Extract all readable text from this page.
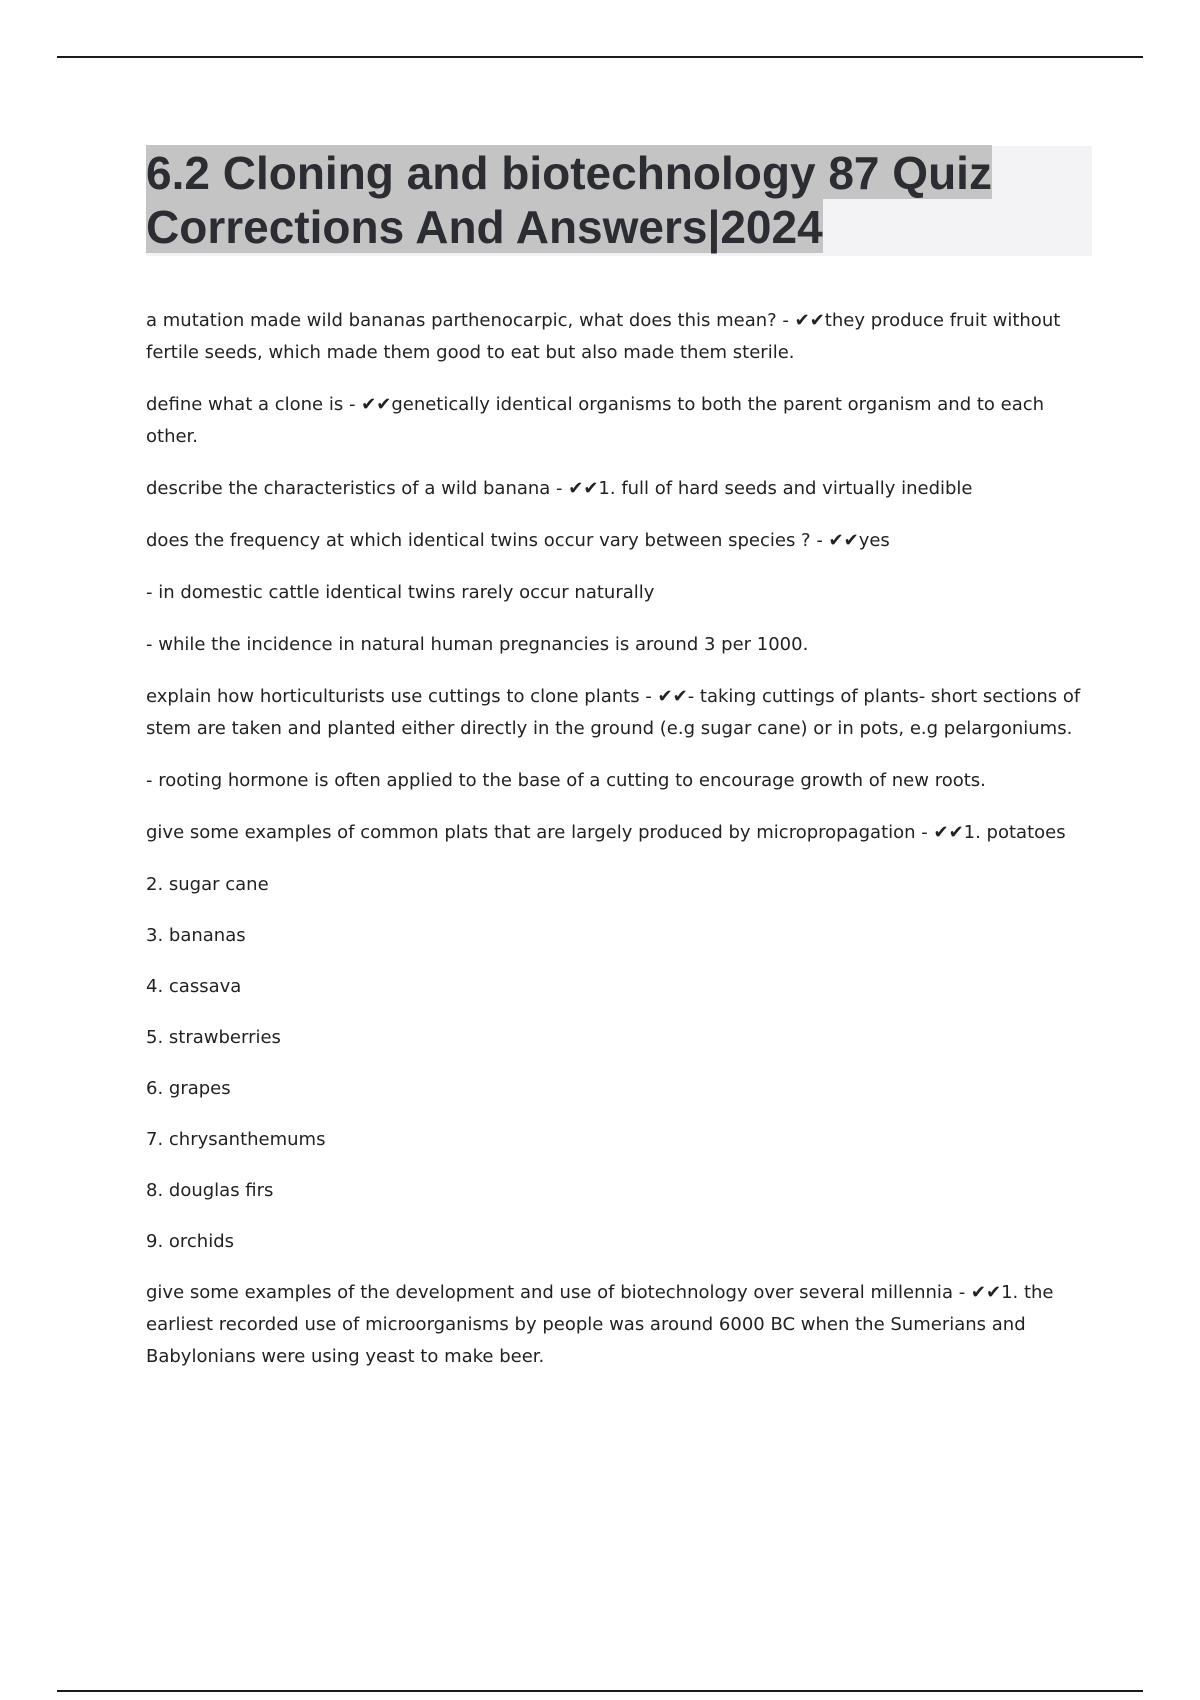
6.2 Cloning and biotechnology 87 Quiz
Corrections And Answers|2024

a mutation made wild bananas parthenocarpic, what does this mean? - ✔✔they produce fruit without fertile seeds, which made them good to eat but also made them sterile.

define what a clone is - ✔✔genetically identical organisms to both the parent organism and to each other.

describe the characteristics of a wild banana - ✔✔1. full of hard seeds and virtually inedible

does the frequency at which identical twins occur vary between species ? - ✔✔yes

- in domestic cattle identical twins rarely occur naturally

- while the incidence in natural human pregnancies is around 3 per 1000.

explain how horticulturists use cuttings to clone plants - ✔✔- taking cuttings of plants- short sections of stem are taken and planted either directly in the ground (e.g sugar cane) or in pots, e.g pelargoniums.

- rooting hormone is often applied to the base of a cutting to encourage growth of new roots.

give some examples of common plats that are largely produced by micropropagation - ✔✔1. potatoes

2. sugar cane

3. bananas

4. cassava

5. strawberries

6. grapes

7. chrysanthemums

8. douglas firs

9. orchids

give some examples of the development and use of biotechnology over several millennia - ✔✔1. the earliest recorded use of microorganisms by people was around 6000 BC when the Sumerians and Babylonians were using yeast to make beer.
